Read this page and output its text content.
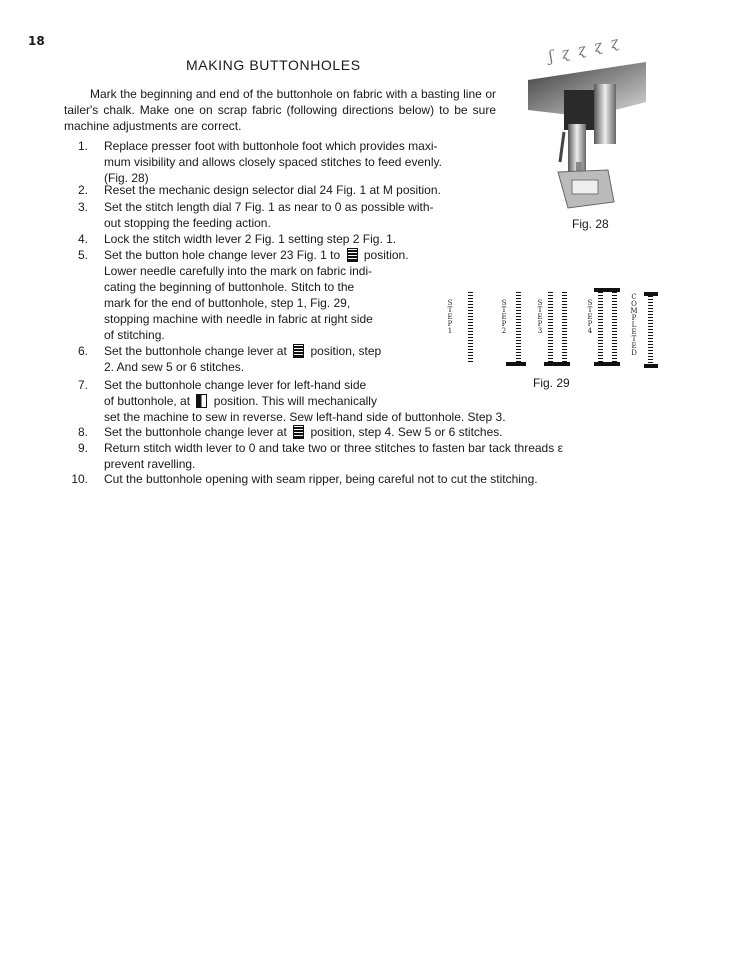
18
MAKING BUTTONHOLES	ʃ ɀ ɀ ɀ ɀ
Mark the beginning and end of the buttonhole on fabric with a basting line or tailer's chalk. Make one on scrap fabric (following directions below) to be sure machine adjustments are correct.
1. Replace presser foot with buttonhole foot which provides maxi-
mum visibility and allows closely spaced stitches to feed evenly.
(Fig. 28)
2. Reset the mechanic design selector dial 24 Fig. 1 at M position.
3. Set the stitch length dial 7 Fig. 1 as near to 0 as possible with-
out stopping the feeding action.
4. Lock the stitch width lever 2 Fig. 1 setting step 2 Fig. 1.
5. Set the button hole change lever 23 Fig. 1 to position.
Lower needle carefully into the mark on fabric indi-
cating the beginning of buttonhole. Stitch to the
mark for the end of buttonhole, step 1, Fig. 29,
stopping machine with needle in fabric at right side
of stitching.
6. Set the buttonhole change lever at position, step
2. And sew 5 or 6 stitches.
7. Set the buttonhole change lever for left-hand side
of buttonhole, at position. This will mechanically
set the machine to sew in reverse. Sew left-hand side of buttonhole. Step 3.
8. Set the buttonhole change lever at position, step 4. Sew 5 or 6 stitches.
9. Return stitch width lever to 0 and take two or three stitches to fasten bar tack threads ε
prevent ravelling.
10. Cut the buttonhole opening with seam ripper, being careful not to cut the stitching.
Fig. 28
S
T
E
P
1
S
T
E
P
2
S
T
E
P
3
S
T
E
P
4
C
O
M
P
L
E
T
E
D
Fig. 29
